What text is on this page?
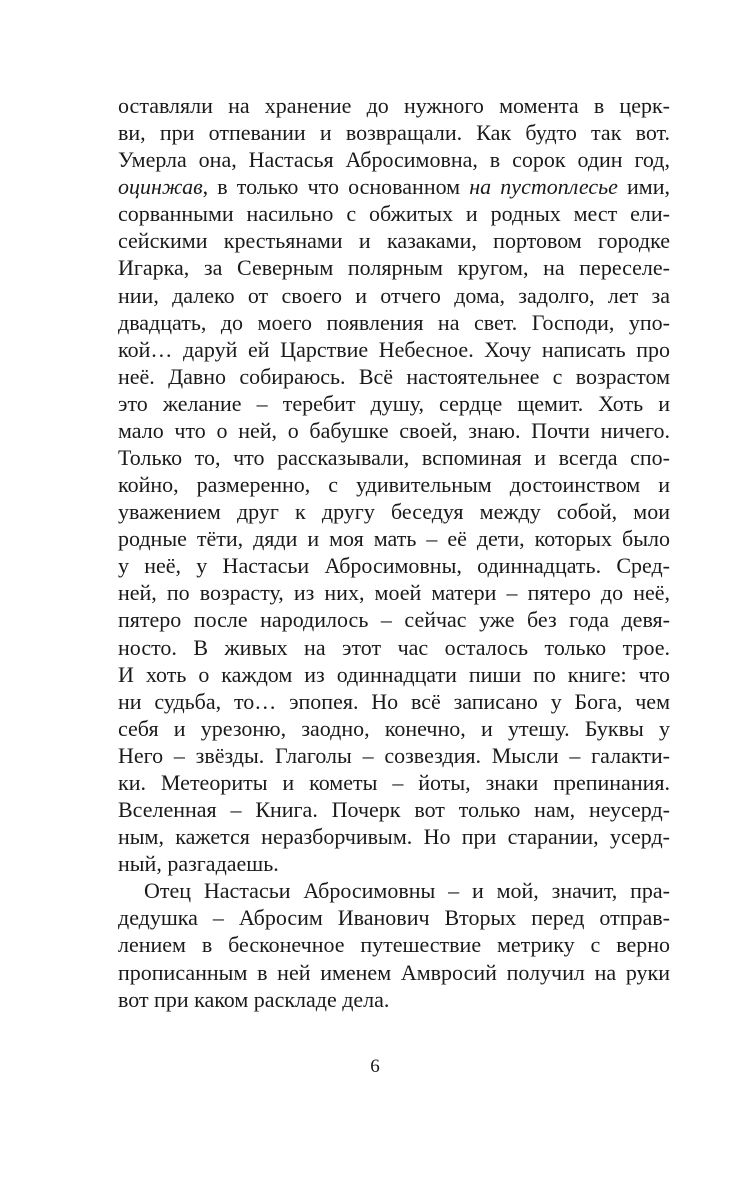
оставляли на хранение до нужного момента в церк-
ви, при отпевании и возвращали. Как будто так вот.
Умерла она, Настасья Абросимовна, в сорок один год,
оцинжав, в только что основанном на пустоплесье ими,
сорванными насильно с обжитых и родных мест ели-
сейскими крестьянами и казаками, портовом городке
Игарка, за Северным полярным кругом, на переселе-
нии, далеко от своего и отчего дома, задолго, лет за
двадцать, до моего появления на свет. Господи, упо-
кой… даруй ей Царствие Небесное. Хочу написать про
неё. Давно собираюсь. Всё настоятельнее с возрастом
это желание – теребит душу, сердце щемит. Хоть и
мало что о ней, о бабушке своей, знаю. Почти ничего.
Только то, что рассказывали, вспоминая и всегда спо-
койно, размеренно, с удивительным достоинством и
уважением друг к другу беседуя между собой, мои
родные тёти, дяди и моя мать – её дети, которых было
у неё, у Настасьи Абросимовны, одиннадцать. Сред-
ней, по возрасту, из них, моей матери – пятеро до неё,
пятеро после народилось – сейчас уже без года девя-
носто. В живых на этот час осталось только трое.
И хоть о каждом из одиннадцати пиши по книге: что
ни судьба, то… эпопея. Но всё записано у Бога, чем
себя и урезоню, заодно, конечно, и утешу. Буквы у
Него – звёзды. Глаголы – созвездия. Мысли – галакти-
ки. Метеориты и кометы – йоты, знаки препинания.
Вселенная – Книга. Почерк вот только нам, неусерд-
ным, кажется неразборчивым. Но при старании, усерд-
ный, разгадаешь.
Отец Настасьи Абросимовны – и мой, значит, пра-
дедушка – Абросим Иванович Вторых перед отправ-
лением в бесконечное путешествие метрику с верно
прописанным в ней именем Амвросий получил на руки
вот при каком раскладе дела.
6
